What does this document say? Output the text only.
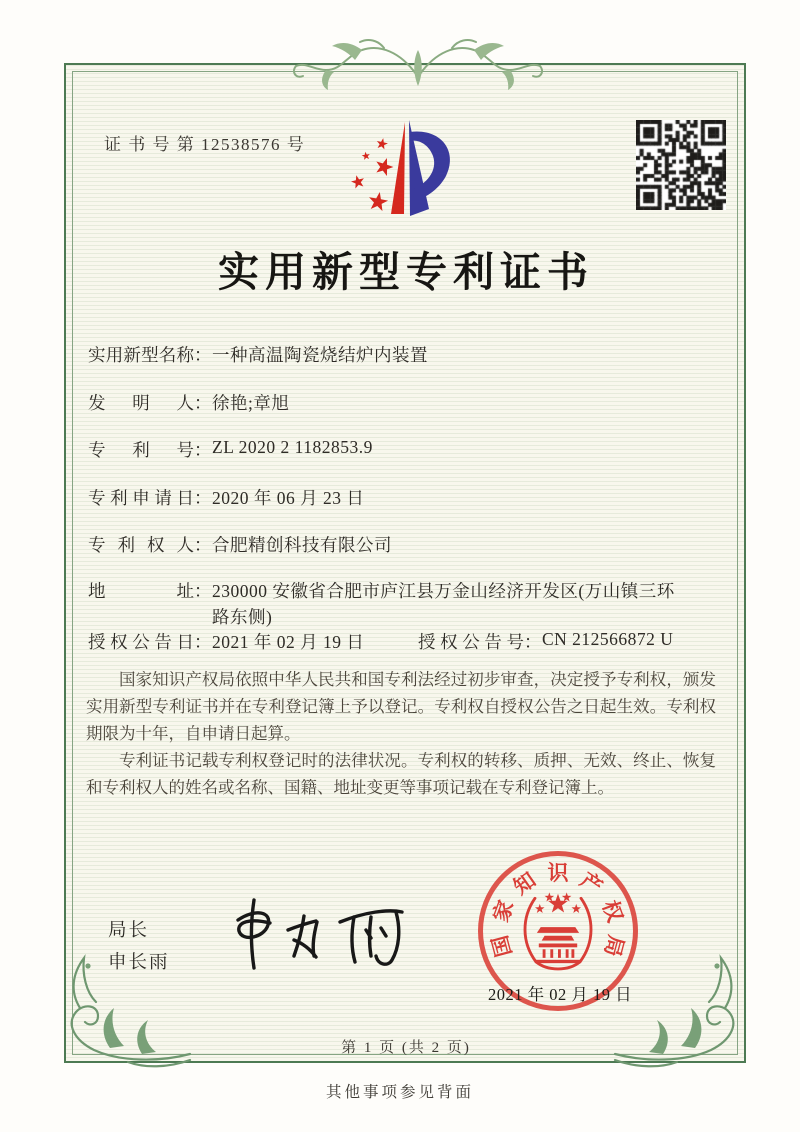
证 书 号 第 12538576 号
实用新型专利证书
实用新型名称：一种高温陶瓷烧结炉内装置
发明人：徐艳;章旭
专利号：ZL 2020 2 1182853.9
专利申请日：2020 年 06 月 23 日
专利权人：合肥精创科技有限公司
地址：230000 安徽省合肥市庐江县万金山经济开发区(万山镇三环路东侧)
授权公告日：2021 年 02 月 19 日	授权公告号：CN 212566872 U

国家知识产权局依照中华人民共和国专利法经过初步审查，决定授予专利权，颁发实用新型专利证书并在专利登记簿上予以登记。专利权自授权公告之日起生效。专利权期限为十年，自申请日起算。

专利证书记载专利权登记时的法律状况。专利权的转移、质押、无效、终止、恢复和专利权人的姓名或名称、国籍、地址变更等事项记载在专利登记簿上。

局长
申长雨
国
家
知 识 产
权
局
2021 年 02 月 19 日
第 1 页 (共 2 页)
其他事项参见背面
